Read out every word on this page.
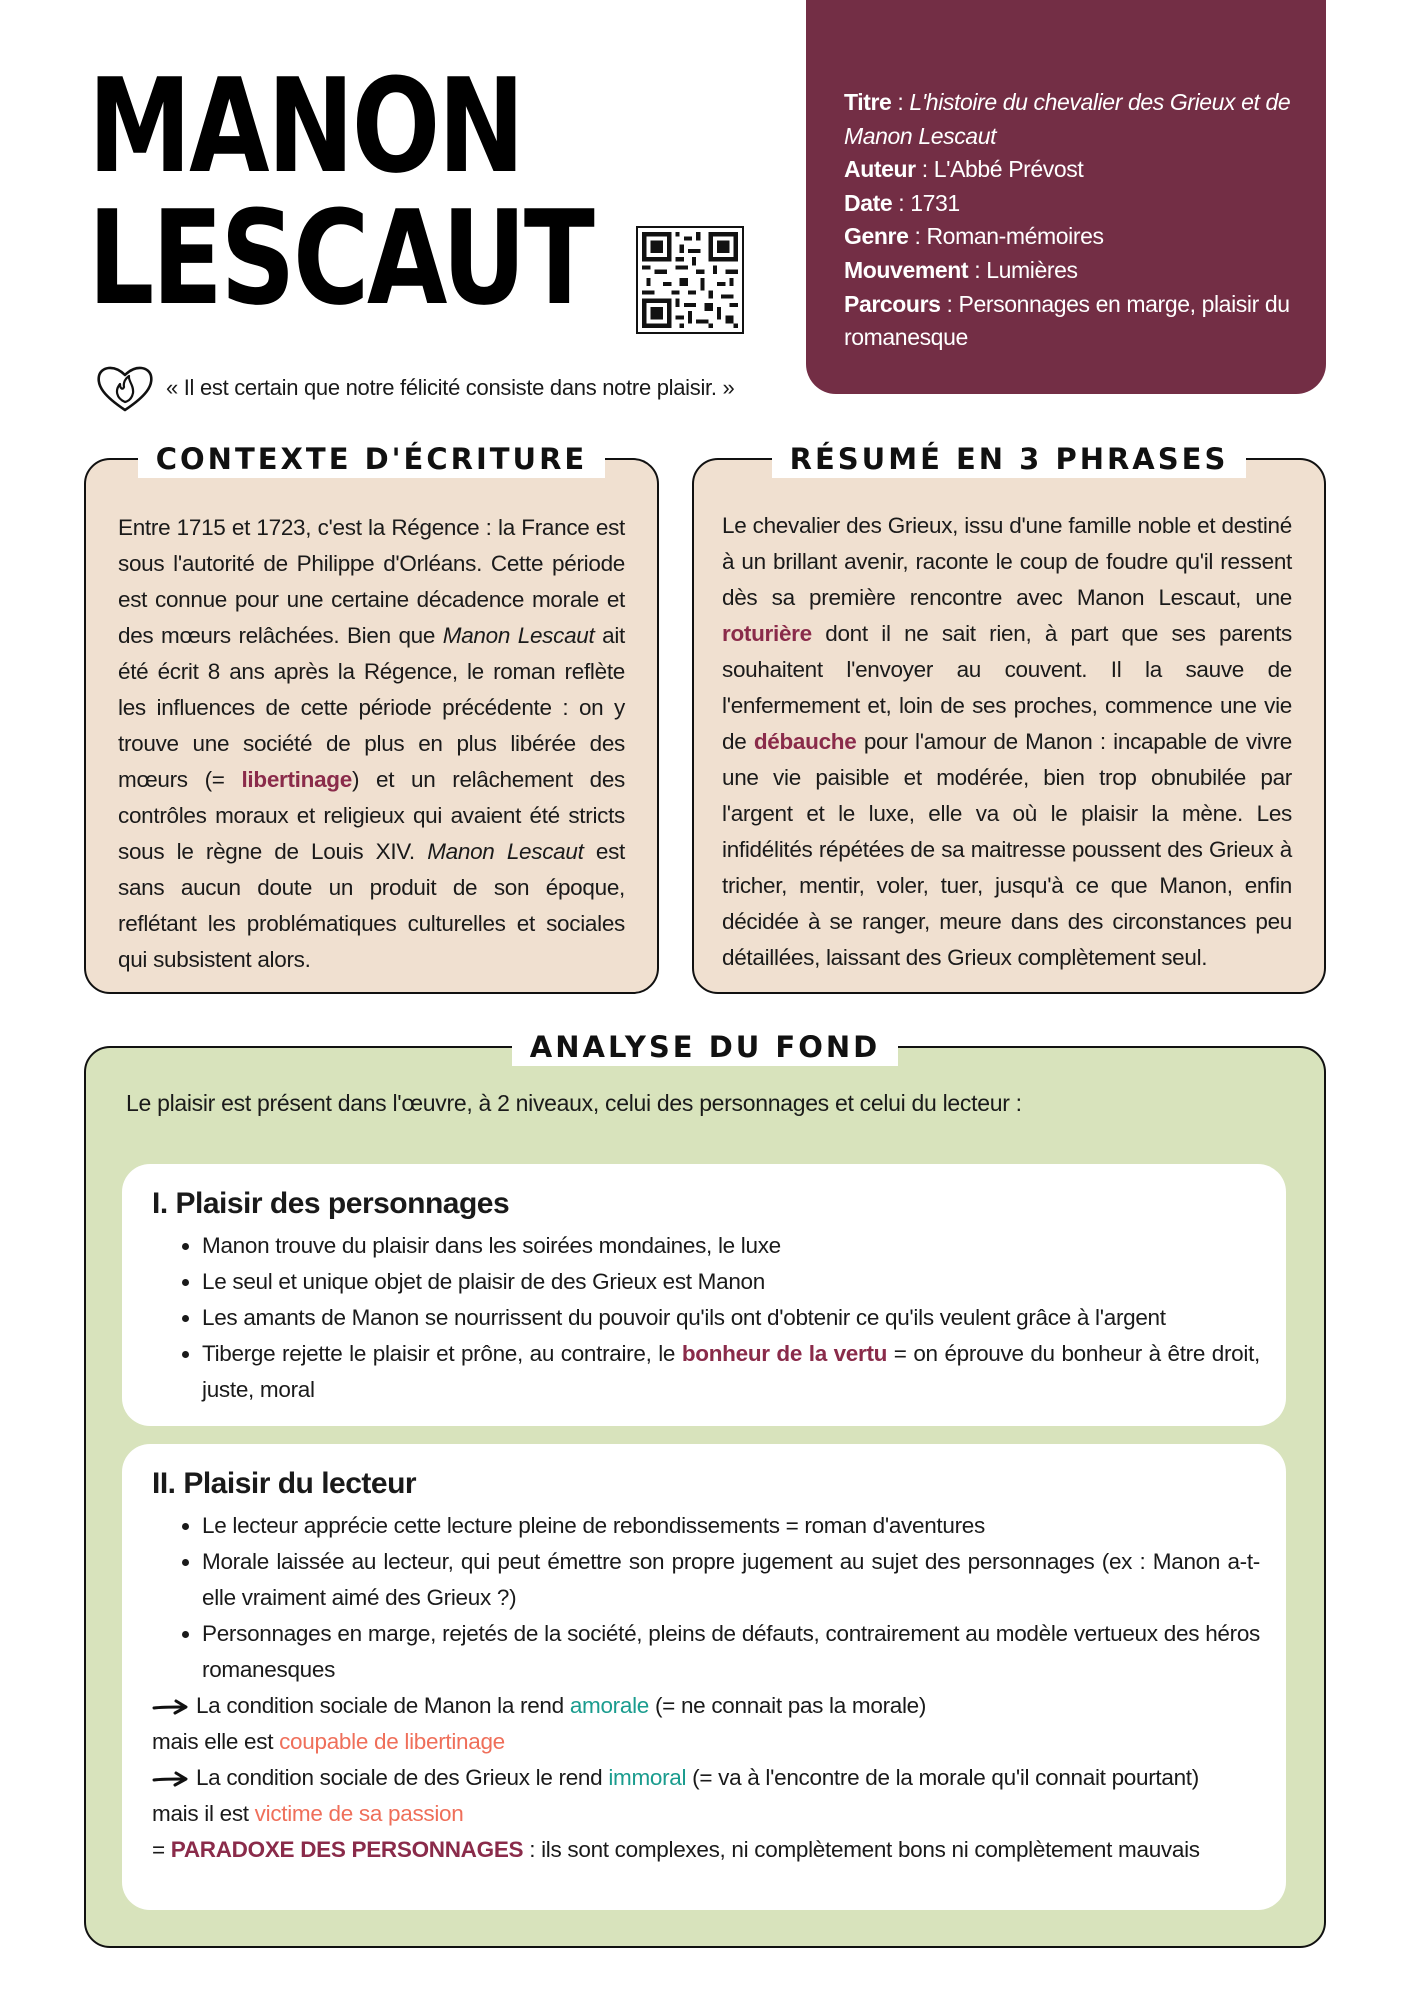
MANON
LESCAUT
« Il est certain que notre félicité consiste dans notre plaisir. »

Titre : L'histoire du chevalier des Grieux et de Manon Lescaut

Auteur : L'Abbé Prévost

Date : 1731

Genre : Roman-mémoires

Mouvement : Lumières

Parcours : Personnages en marge, plaisir du romanesque

CONTEXTE D'ÉCRITURE

Entre 1715 et 1723, c'est la Régence : la France est sous l'autorité de Philippe d'Orléans. Cette période est connue pour une certaine décadence morale et des mœurs relâchées. Bien que Manon Lescaut ait été écrit 8 ans après la Régence, le roman reflète les influences de cette période précédente : on y trouve une société de plus en plus libérée des mœurs (= libertinage) et un relâchement des contrôles moraux et religieux qui avaient été stricts sous le règne de Louis XIV. Manon Lescaut est sans aucun doute un produit de son époque, reflétant les problématiques culturelles et sociales qui subsistent alors.

RÉSUMÉ EN 3 PHRASES

Le chevalier des Grieux, issu d'une famille noble et destiné à un brillant avenir, raconte le coup de foudre qu'il ressent dès sa première rencontre avec Manon Lescaut, une roturière dont il ne sait rien, à part que ses parents souhaitent l'envoyer au couvent. Il la sauve de l'enfermement et, loin de ses proches, commence une vie de débauche pour l'amour de Manon : incapable de vivre une vie paisible et modérée, bien trop obnubilée par l'argent et le luxe, elle va où le plaisir la mène. Les infidélités répétées de sa maitresse poussent des Grieux à tricher, mentir, voler, tuer, jusqu'à ce que Manon, enfin décidée à se ranger, meure dans des circonstances peu détaillées, laissant des Grieux complètement seul.

ANALYSE DU FOND

Le plaisir est présent dans l'œuvre, à 2 niveaux, celui des personnages et celui du lecteur :

I. Plaisir des personnages
• Manon trouve du plaisir dans les soirées mondaines, le luxe
• Le seul et unique objet de plaisir de des Grieux est Manon
• Les amants de Manon se nourrissent du pouvoir qu'ils ont d'obtenir ce qu'ils veulent grâce à l'argent
• Tiberge rejette le plaisir et prône, au contraire, le bonheur de la vertu = on éprouve du bonheur à être droit, juste, moral
II. Plaisir du lecteur
• Le lecteur apprécie cette lecture pleine de rebondissements = roman d'aventures
• Morale laissée au lecteur, qui peut émettre son propre jugement au sujet des personnages (ex : Manon a-t-elle vraiment aimé des Grieux ?)
• Personnages en marge, rejetés de la société, pleins de défauts, contrairement au modèle vertueux des héros romanesques

La condition sociale de Manon la rend amorale (= ne connait pas la morale)

mais elle est coupable de libertinage

La condition sociale de des Grieux le rend immoral (= va à l'encontre de la morale qu'il connait pourtant)

mais il est victime de sa passion

= PARADOXE DES PERSONNAGES : ils sont complexes, ni complètement bons ni complètement mauvais
